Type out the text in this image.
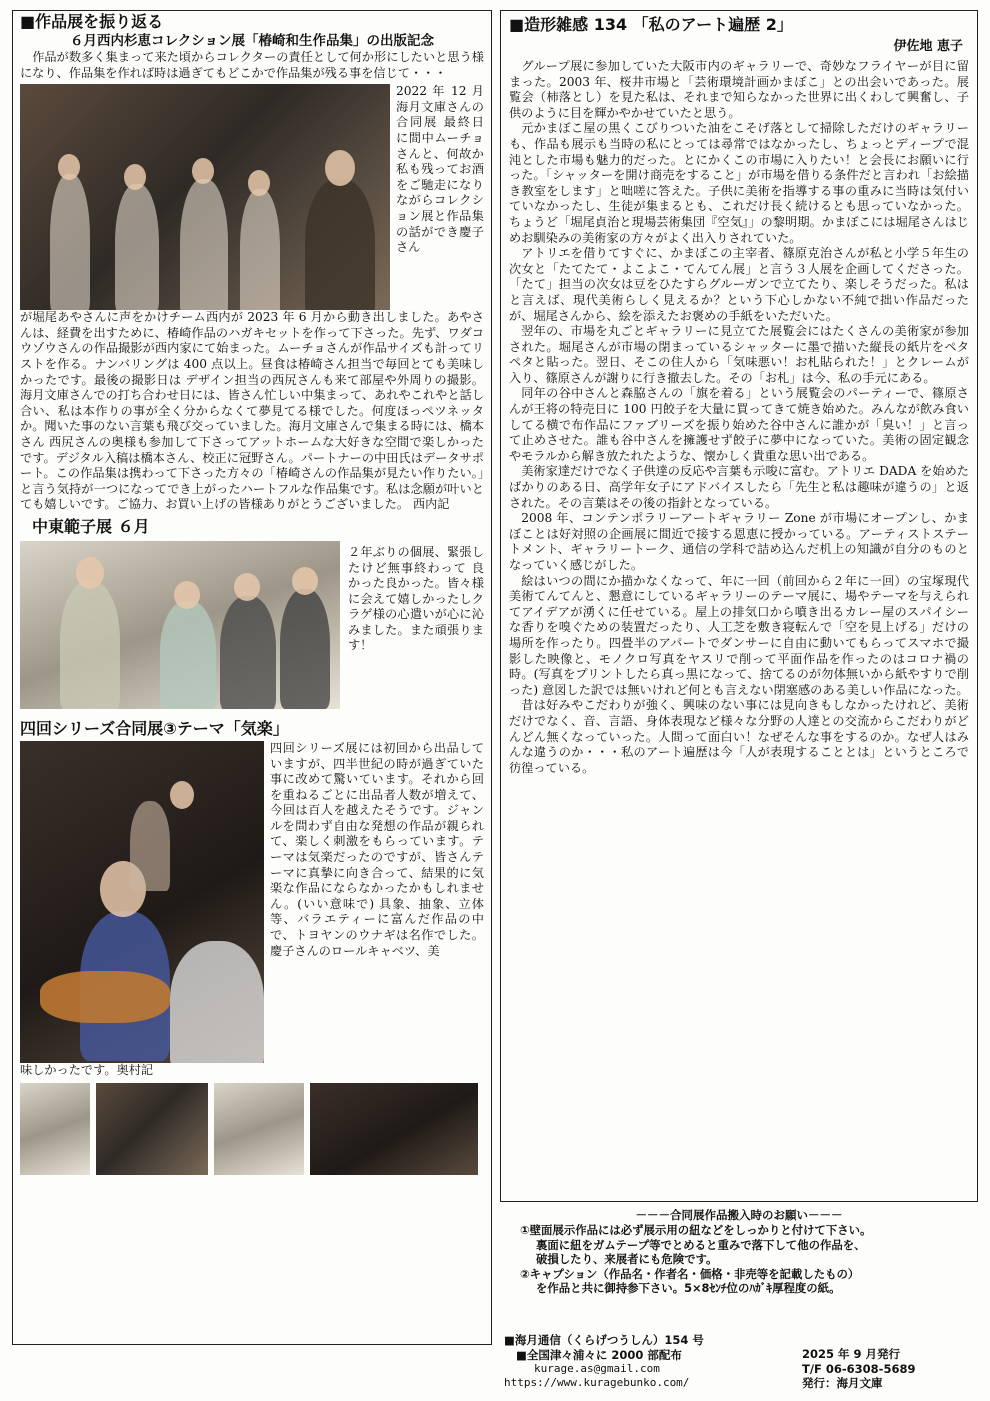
■作品展を振り返る
６月西内杉恵コレクション展「椿崎和生作品集」の出版記念
作品が数多く集まって来た頃からコレクターの責任として何か形にしたいと思う様になり、作品集を作れば時は過ぎてもどこかで作品集が残る事を信じて・・・
2022 年 12 月海月文庫さんの合同展 最終日に間中ムーチョさんと、何故か私も残ってお酒をご馳走になりながらコレクション展と作品集の話ができ慶子さん
が堀尾あやさんに声をかけチーム西内が 2023 年 6 月から動き出しました。あやさんは、経費を出すために、椿崎作品のハガキセットを作って下さった。先ず、ワダコウゾウさんの作品撮影が西内家にて始まった。ムーチョさんが作品サイズも計ってリストを作る。ナンバリングは 400 点以上。昼食は椿崎さん担当で毎回とても美味しかったです。最後の撮影日は デザイン担当の西尻さんも来て部屋や外周りの撮影。海月文庫さんでの打ち合わせ日には、皆さん忙しい中集まって、あれやこれやと話し合い、私は本作りの事が全く分からなくて夢見てる様でした。何度ほっぺツネッタか。聞いた事のない言葉も飛び交っていました。海月文庫さんで集まる時には、橋本さん 西尻さんの奥様も参加して下さってアットホームな大好きな空間で楽しかったです。デジタル入稿は橋本さん、校正に冠野さん。パートナーの中田氏はデータサポート。この作品集は携わって下さった方々の「椿崎さんの作品集が見たい作りたい。」と言う気持が一つになってでき上がったハートフルな作品集です。私は念願が叶いとても嬉しいです。ご協力、お買い上げの皆様ありがとうございました。 西内記
中東範子展 ６月
２年ぶりの個展、緊張したけど無事終わって 良かった良かった。皆々様に会えて嬉しかったしクラゲ様の心遣いが心に沁みました。また頑張ります！
四回シリーズ合同展③テーマ「気楽」
四回シリーズ展には初回から出品していますが、四半世紀の時が過ぎていた事に改めて驚いています。それから回を重ねるごとに出品者人数が増えて、今回は百人を越えたそうです。ジャンルを問わず自由な発想の作品が親られて、楽しく刺激をもらっています。テーマは気楽だったのですが、皆さんテーマに真摯に向き合って、結果的に気楽な作品にならなかったかもしれません。(いい意味で) 具象、抽象、立体等、バラエティーに富んだ作品の中で、トヨヤンのウナギは名作でした。慶子さんのロールキャベツ、美
味しかったです。奥村記
■造形雑感 134 「私のアート遍歴 2」
伊佐地 恵子

グループ展に参加していた大阪市内のギャラリーで、奇妙なフライヤーが目に留まった。2003 年、桜井市場と「芸術環境計画かまぼこ」との出会いであった。展覧会（柿落とし）を見た私は、それまで知らなかった世界に出くわして興奮し、子供のように目を輝かやかせていたと思う。

元かまぼこ屋の黒くこびりついた油をこそげ落として掃除しただけのギャラリーも、作品も展示も当時の私にとっては尋常ではなかったし、ちょっとディープで混沌とした市場も魅力的だった。とにかくこの市場に入りたい！と会長にお願いに行った。「シャッターを開け商売をすること」が市場を借りる条件だと言われ「お絵描き教室をします」と咄嗟に答えた。子供に美術を指導する事の重みに当時は気付いていなかったし、生徒が集まるとも、これだけ長く続けるとも思っていなかった。ちょうど「堀尾貞治と現場芸術集団『空気』」の黎明期。かまぼこには堀尾さんはじめお馴染みの美術家の方々がよく出入りされていた。

アトリエを借りてすぐに、かまぼこの主宰者、篠原克治さんが私と小学５年生の次女と「たてたて・よこよこ・てんてん展」と言う３人展を企画してくださった。「たて」担当の次女は豆をひたすらグルーガンで立てたり、楽しそうだった。私はと言えば、現代美術らしく見えるか？という下心しかない不純で拙い作品だったが、堀尾さんから、絵を添えたお褒めの手紙をいただいた。

翌年の、市場を丸ごとギャラリーに見立てた展覧会にはたくさんの美術家が参加された。堀尾さんが市場の閉まっているシャッターに墨で描いた縦長の紙片をペタペタと貼った。翌日、そこの住人から「気味悪い！お札貼られた！」とクレームが入り、篠原さんが謝りに行き撤去した。その「お札」は今、私の手元にある。

同年の谷中さんと森脇さんの「旗を着る」という展覧会のパーティーで、篠原さんが王将の特売日に 100 円餃子を大量に買ってきて焼き始めた。みんなが飲み食いしてる横で布作品にファブリーズを振り始めた谷中さんに誰かが「臭い！」と言って止めさせた。誰も谷中さんを擁護せず餃子に夢中になっていた。美術の固定観念やモラルから解き放たれたような、懐かしく貴重な思い出である。

美術家達だけでなく子供達の反応や言葉も示唆に富む。アトリエ DADA を始めたばかりのある日、高学年女子にアドバイスしたら「先生と私は趣味が違うの」と返された。その言葉はその後の指針となっている。

2008 年、コンテンポラリーアートギャラリー Zone が市場にオープンし、かまぼことは好対照の企画展に間近で接する恩恵に授かっている。アーティストステートメント、ギャラリートーク、通信の学科で詰め込んだ机上の知識が自分のものとなっていく感じがした。

絵はいつの間にか描かなくなって、年に一回（前回から２年に一回）の宝塚現代美術てんてんと、懇意にしているギャラリーのテーマ展に、場やテーマを与えられてアイデアが湧くに任せている。屋上の排気口から噴き出るカレー屋のスパイシーな香りを嗅ぐための装置だったり、人工芝を敷き寝転んで「空を見上げる」だけの場所を作ったり。四畳半のアパートでダンサーに自由に動いてもらってスマホで撮影した映像と、モノクロ写真をヤスリで削って平面作品を作ったのはコロナ禍の時。(写真をプリントしたら真っ黒になって、捨てるのが勿体無いから紙やすりで削った) 意図した訳では無いけれど何とも言えない閉塞感のある美しい作品になった。

昔は好みやこだわりが強く、興味のない事には見向きもしなかったけれど、美術だけでなく、音、言語、身体表現など様々な分野の人達との交流からこだわりがどんどん無くなっていった。人間って面白い！なぜそんな事をするのか。なぜ人はみんな違うのか・・・私のアート遍歴は今「人が表現することとは」というところで彷徨っている。

－－－合同展作品搬入時のお願い－－－
①壁面展示作品には必ず展示用の紐などをしっかりと付けて下さい。
裏面に紐をガムテープ等でとめると重みで落下して他の作品を、
破損したり、来展者にも危険です。
②キャプション（作品名・作者名・価格・非売等を記載したもの）
を作品と共に御持参下さい。5×8ｾﾝﾁ位のﾊｶﾞｷ厚程度の紙。
■海月通信（くらげつうしん）154 号
■全国津々浦々に 2000 部配布
kurage.as@gmail.com
https://www.kuragebunko.com/
2025 年 9 月発行
T/F 06-6308-5689
発行：海月文庫
